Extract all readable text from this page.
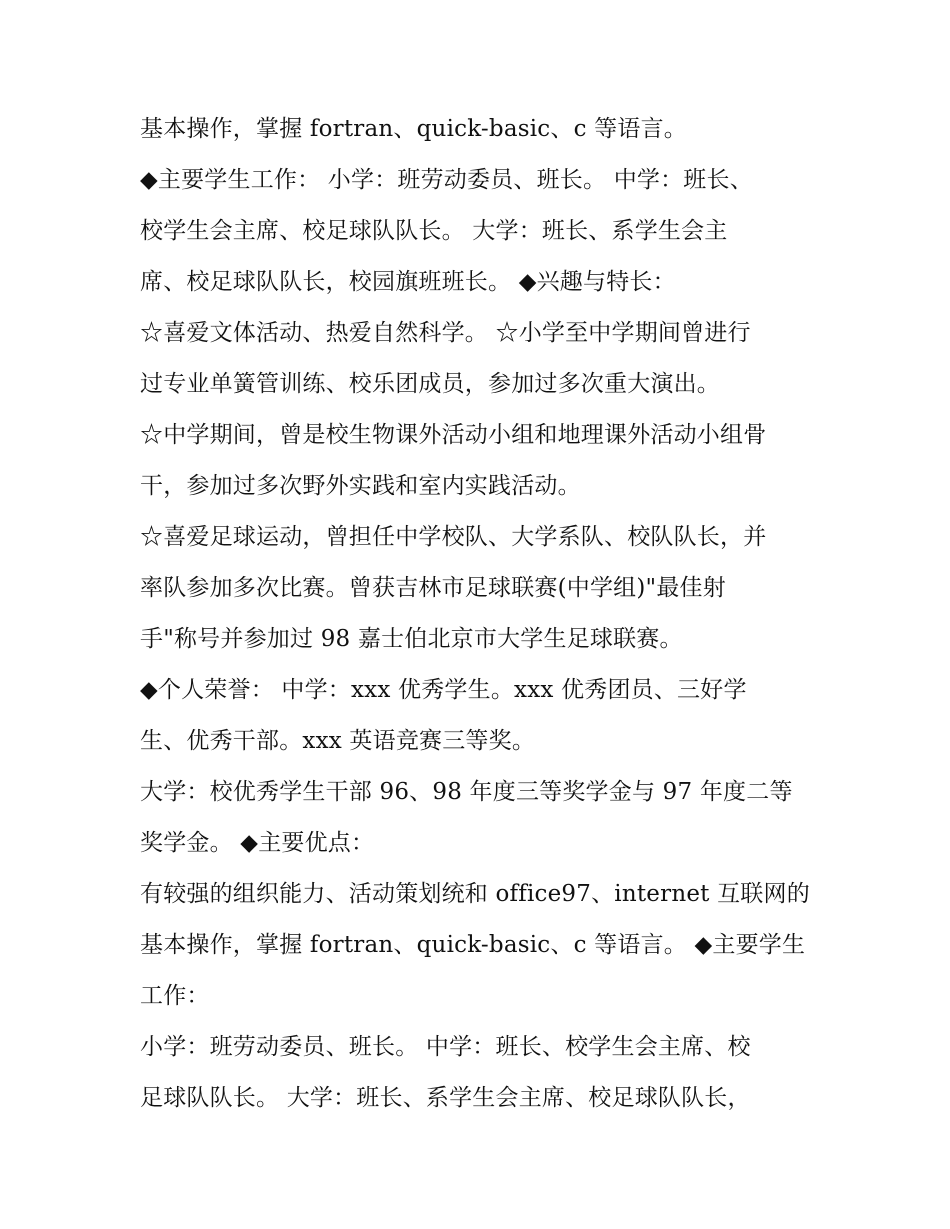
基本操作，掌握 fortran、quick-basic、c 等语言。
◆主要学生工作： 小学：班劳动委员、班长。 中学：班长、
校学生会主席、校足球队队长。 大学：班长、系学生会主
席、校足球队队长，校园旗班班长。 ◆兴趣与特长：
☆喜爱文体活动、热爱自然科学。 ☆小学至中学期间曾进行
过专业单簧管训练、校乐团成员，参加过多次重大演出。
☆中学期间，曾是校生物课外活动小组和地理课外活动小组骨
干，参加过多次野外实践和室内实践活动。
☆喜爱足球运动，曾担任中学校队、大学系队、校队队长，并
率队参加多次比赛。曾获吉林市足球联赛(中学组)"最佳射
手"称号并参加过 98 嘉士伯北京市大学生足球联赛。
◆个人荣誉： 中学：xxx 优秀学生。xxx 优秀团员、三好学
生、优秀干部。xxx 英语竞赛三等奖。
大学：校优秀学生干部 96、98 年度三等奖学金与 97 年度二等
奖学金。 ◆主要优点：
有较强的组织能力、活动策划统和 office97、internet 互联网的
基本操作，掌握 fortran、quick-basic、c 等语言。 ◆主要学生
工作：
小学：班劳动委员、班长。 中学：班长、校学生会主席、校
足球队队长。 大学：班长、系学生会主席、校足球队队长，
